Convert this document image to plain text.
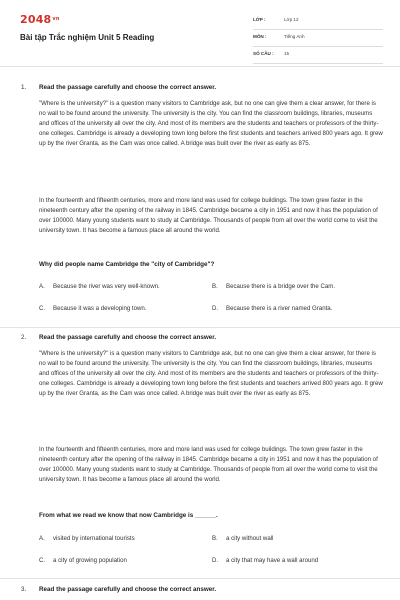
$2048^{vn}$
Bài tập Trắc nghiệm Unit 5 Reading
LỚP :	Lớp 12
MÔN :	Tiếng Anh
SỐ CÂU : 15
1. Read the passage carefully and choose the correct answer.

"Where is the university?" is a question many visitors to Cambridge ask, but no one can give them a clear answer, for there is no wall to be found around the university. The university is the city. You can find the classroom buildings, libraries, museums and offices of the university all over the city. And most of its members are the students and teachers or professors of the thirty-one colleges. Cambridge is already a developing town long before the first students and teachers arrived 800 years ago. It grew up by the river Granta, as the Cam was once called. A bridge was built over the river as early as 875.

In the fourteenth and fifteenth centuries, more and more land was used for college buildings. The town grew faster in the nineteenth century after the opening of the railway in 1845. Cambridge became a city in 1951 and now it has the population of over 100000. Many young students want to study at Cambridge. Thousands of people from all over the world come to visit the university town. It has become a famous place all around the world.

Why did people name Cambridge the "city of Cambridge"?
A. Because the river was very well-known.	B. Because there is a bridge over the Cam.
C. Because it was a developing town.	D. Because there is a river named Granta.
2. Read the passage carefully and choose the correct answer.

"Where is the university?" is a question many visitors to Cambridge ask, but no one can give them a clear answer, for there is no wall to be found around the university. The university is the city. You can find the classroom buildings, libraries, museums and offices of the university all over the city. And most of its members are the students and teachers or professors of the thirty-one colleges. Cambridge is already a developing town long before the first students and teachers arrived 800 years ago. It grew up by the river Granta, as the Cam was once called. A bridge was built over the river as early as 875.

In the fourteenth and fifteenth centuries, more and more land was used for college buildings. The town grew faster in the nineteenth century after the opening of the railway in 1845. Cambridge became a city in 1951 and now it has the population of over 100000. Many young students want to study at Cambridge. Thousands of people from all over the world come to visit the university town. It has become a famous place all around the world.

From what we read we know that now Cambridge is ______.
A. visited by international tourists	B. a city without wall
C. a city of growing population	D. a city that may have a wall around
3. Read the passage carefully and choose the correct answer.
